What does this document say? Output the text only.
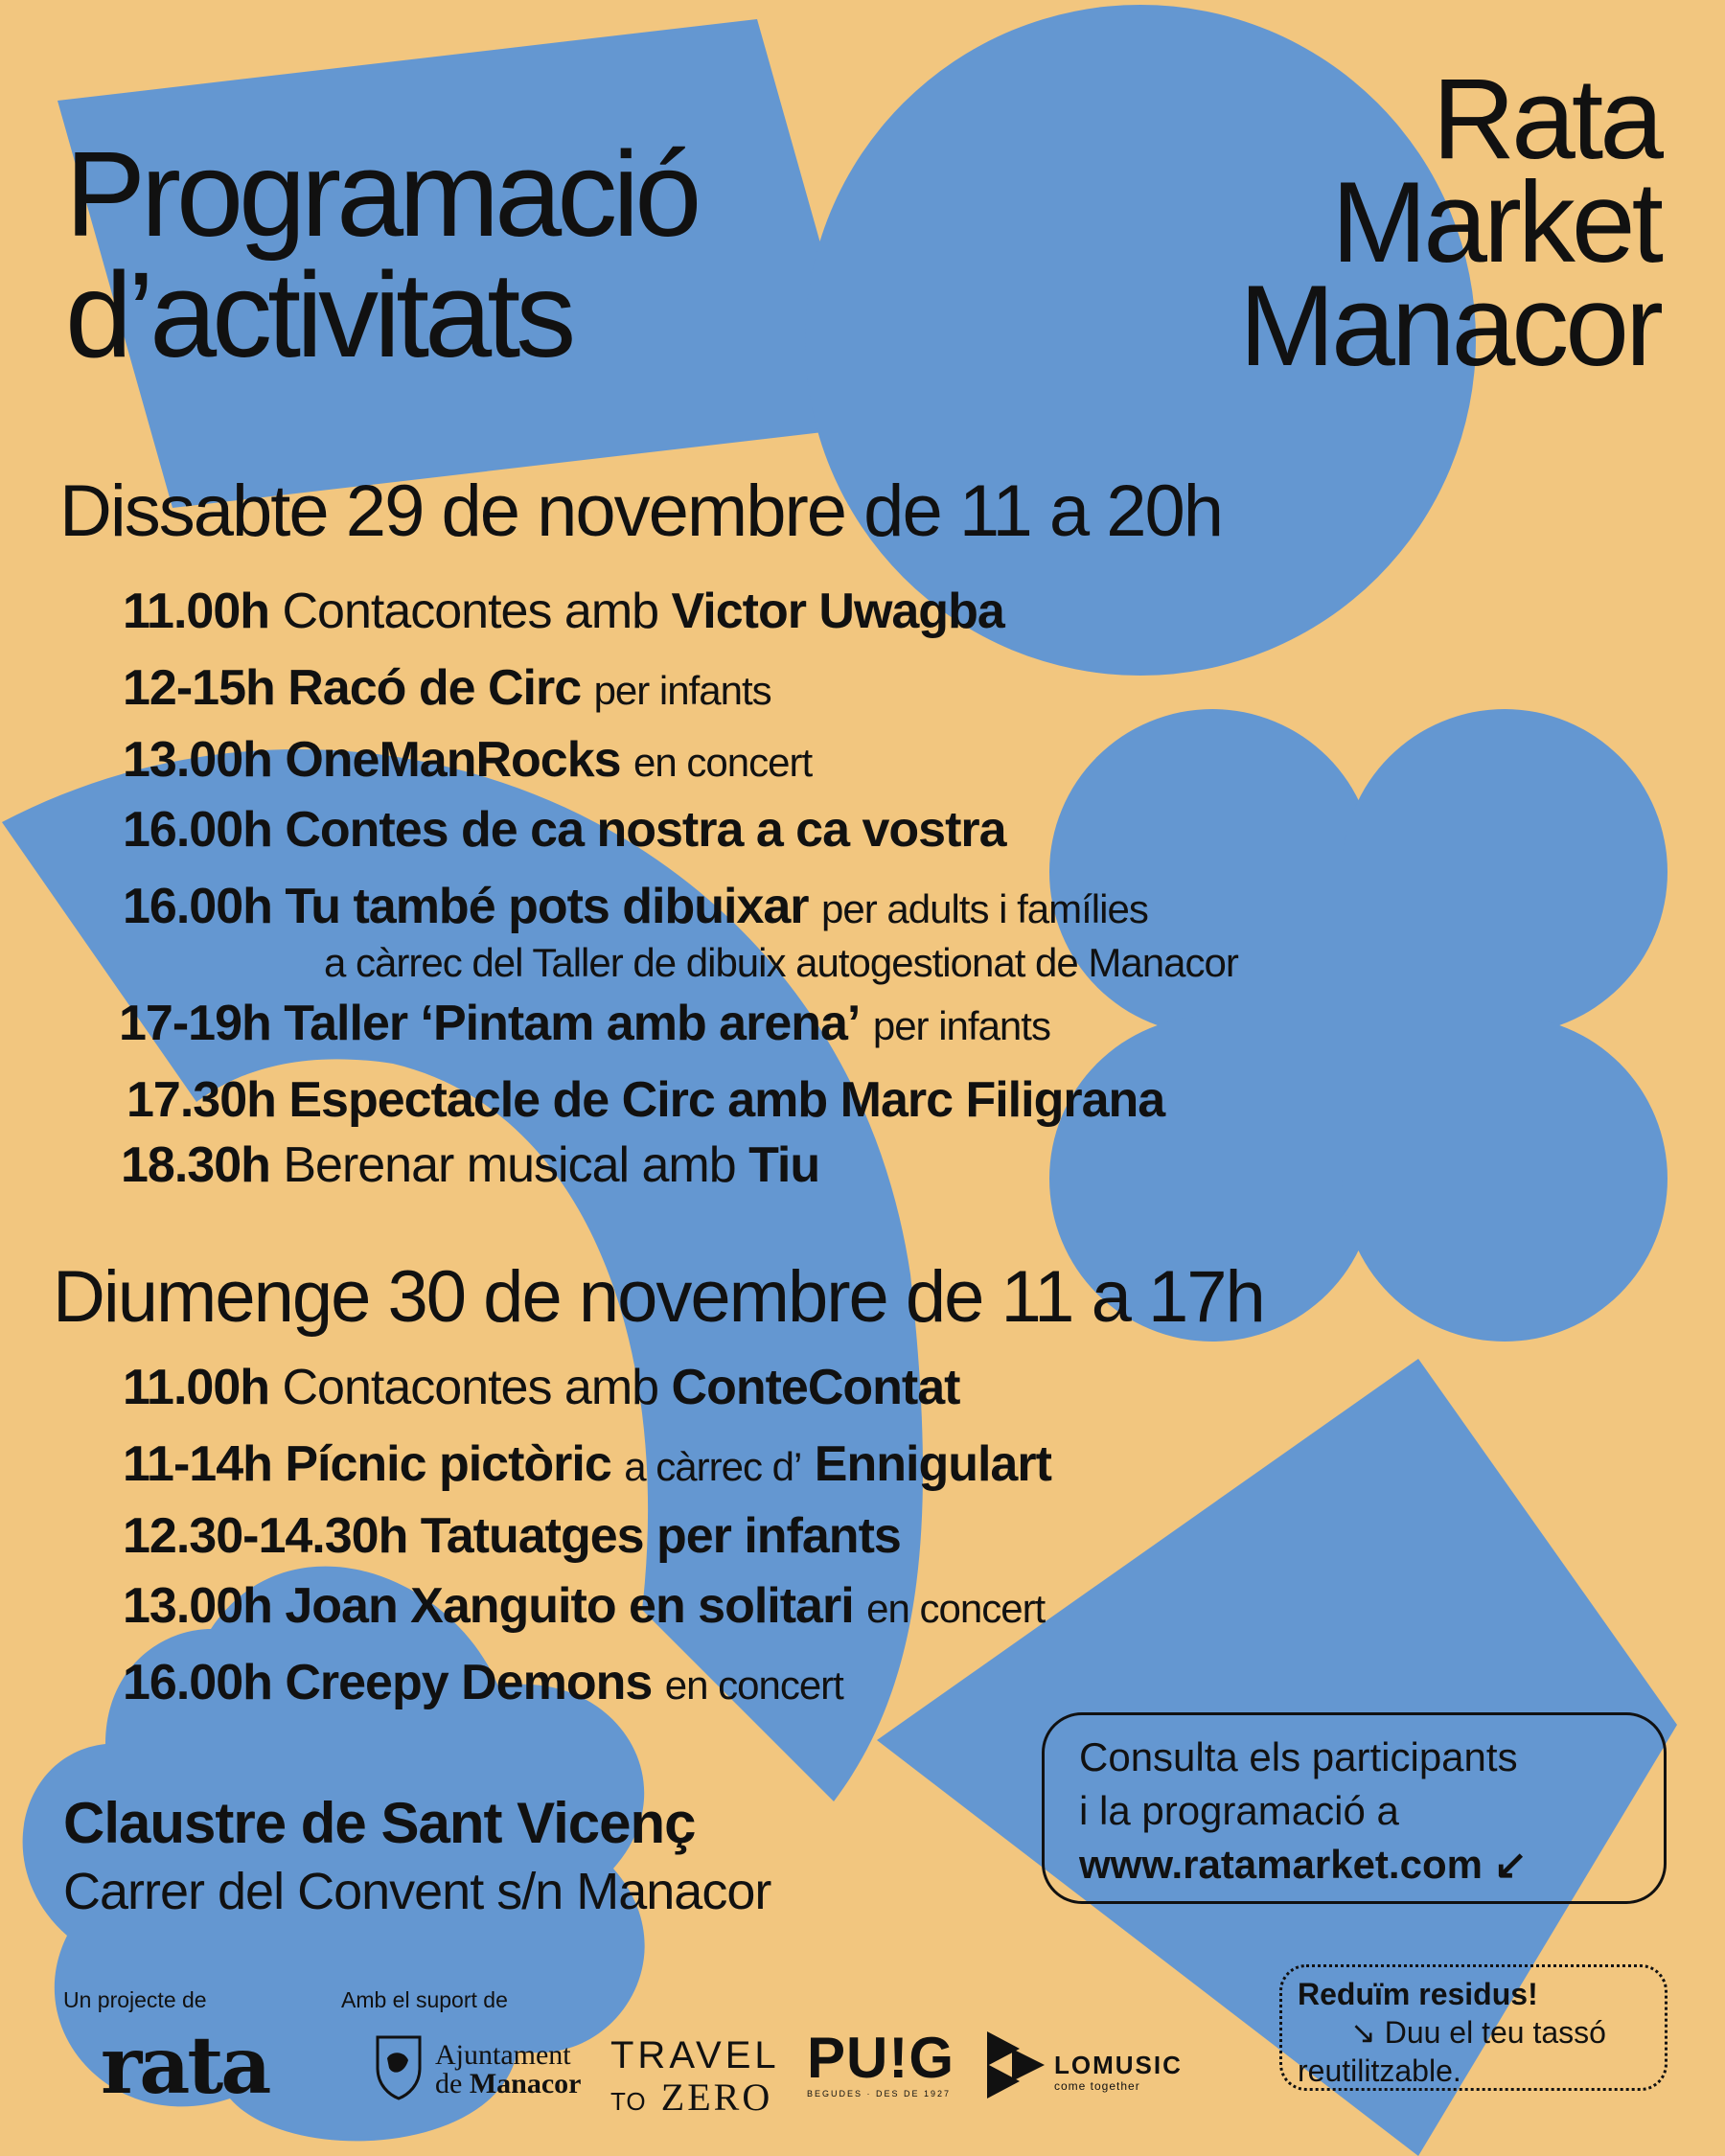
Programació
d’activitats
Rata
Market
Manacor
Dissabte 29 de novembre de 11 a 20h
11.00h Contacontes amb Victor Uwagba
12-15h Racó de Circ per infants
13.00h OneManRocks en concert
16.00h Contes de ca nostra a ca vostra
16.00h Tu també pots dibuixar per adults i famílies
a càrrec del Taller de dibuix autogestionat de Manacor
17-19h Taller ‘Pintam amb arena’ per infants
17.30h Espectacle de Circ amb Marc Filigrana
18.30h Berenar musical amb Tiu
Diumenge 30 de novembre de 11 a 17h
11.00h Contacontes amb ConteContat
11-14h Pícnic pictòric a càrrec d’ Ennigulart
12.30-14.30h Tatuatges per infants
13.00h Joan Xanguito en solitari en concert
16.00h Creepy Demons en concert
Claustre de Sant Vicenç
Carrer del Convent s/n Manacor
Consulta els participants
i la programació a
www.ratamarket.com ↙
Reduïm residus!
↘ Duu el teu tassó
reutilitzable.
Un projecte de	Amb el suport de
rata	Ajuntament
de Manacor
TRAVEL
TO ZERO
PU!G
BEGUDES · DES DE 1927
LOMUSIC
come together
